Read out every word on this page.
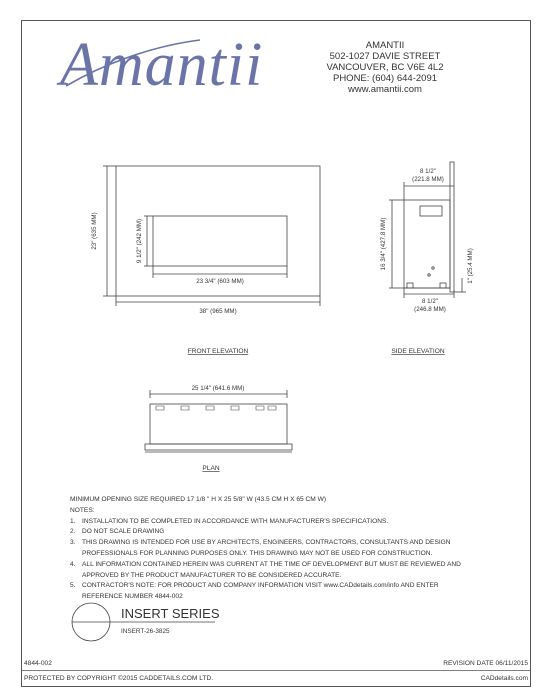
Amantii	AMANTII
502-1027 DAVIE STREET
VANCOUVER, BC V6E 4L2
PHONE: (604) 644-2091
www.amantii.com
23" (635 MM)	9 1/2" (242 MM)
23 3/4" (603 MM)
38" (965 MM)
FRONT ELEVATION
8 1/2"
(221.8 MM)
16 3/4" (427.8 MM)	1" (25.4 MM)
8 1/2"
(246.8 MM)
SIDE ELEVATION
25 1/4" (641.6 MM)
PLAN
INSERT SERIES
INSERT-26-3825
MINIMUM OPENING SIZE REQUIRED 17 1/8 " H X 25 5/8" W (43.5 CM H X 65 CM W)
NOTES:
1. INSTALLATION TO BE COMPLETED IN ACCORDANCE WITH MANUFACTURER'S SPECIFICATIONS.
2. DO NOT SCALE DRAWING
3. THIS DRAWING IS INTENDED FOR USE BY ARCHITECTS, ENGINEERS, CONTRACTORS, CONSULTANTS AND DESIGN
PROFESSIONALS FOR PLANNING PURPOSES ONLY. THIS DRAWING MAY NOT BE USED FOR CONSTRUCTION.
4. ALL INFORMATION CONTAINED HEREIN WAS CURRENT AT THE TIME OF DEVELOPMENT BUT MUST BE REVIEWED AND
APPROVED BY THE PRODUCT MANUFACTURER TO BE CONSIDERED ACCURATE.
5. CONTRACTOR'S NOTE: FOR PRODUCT AND COMPANY INFORMATION VISIT www.CADdetails.com/info AND ENTER
REFERENCE NUMBER 4844-002
4844-002	REVISION DATE 06/11/2015
PROTECTED BY COPYRIGHT ©2015 CADDETAILS.COM LTD.	CADdetails.com
